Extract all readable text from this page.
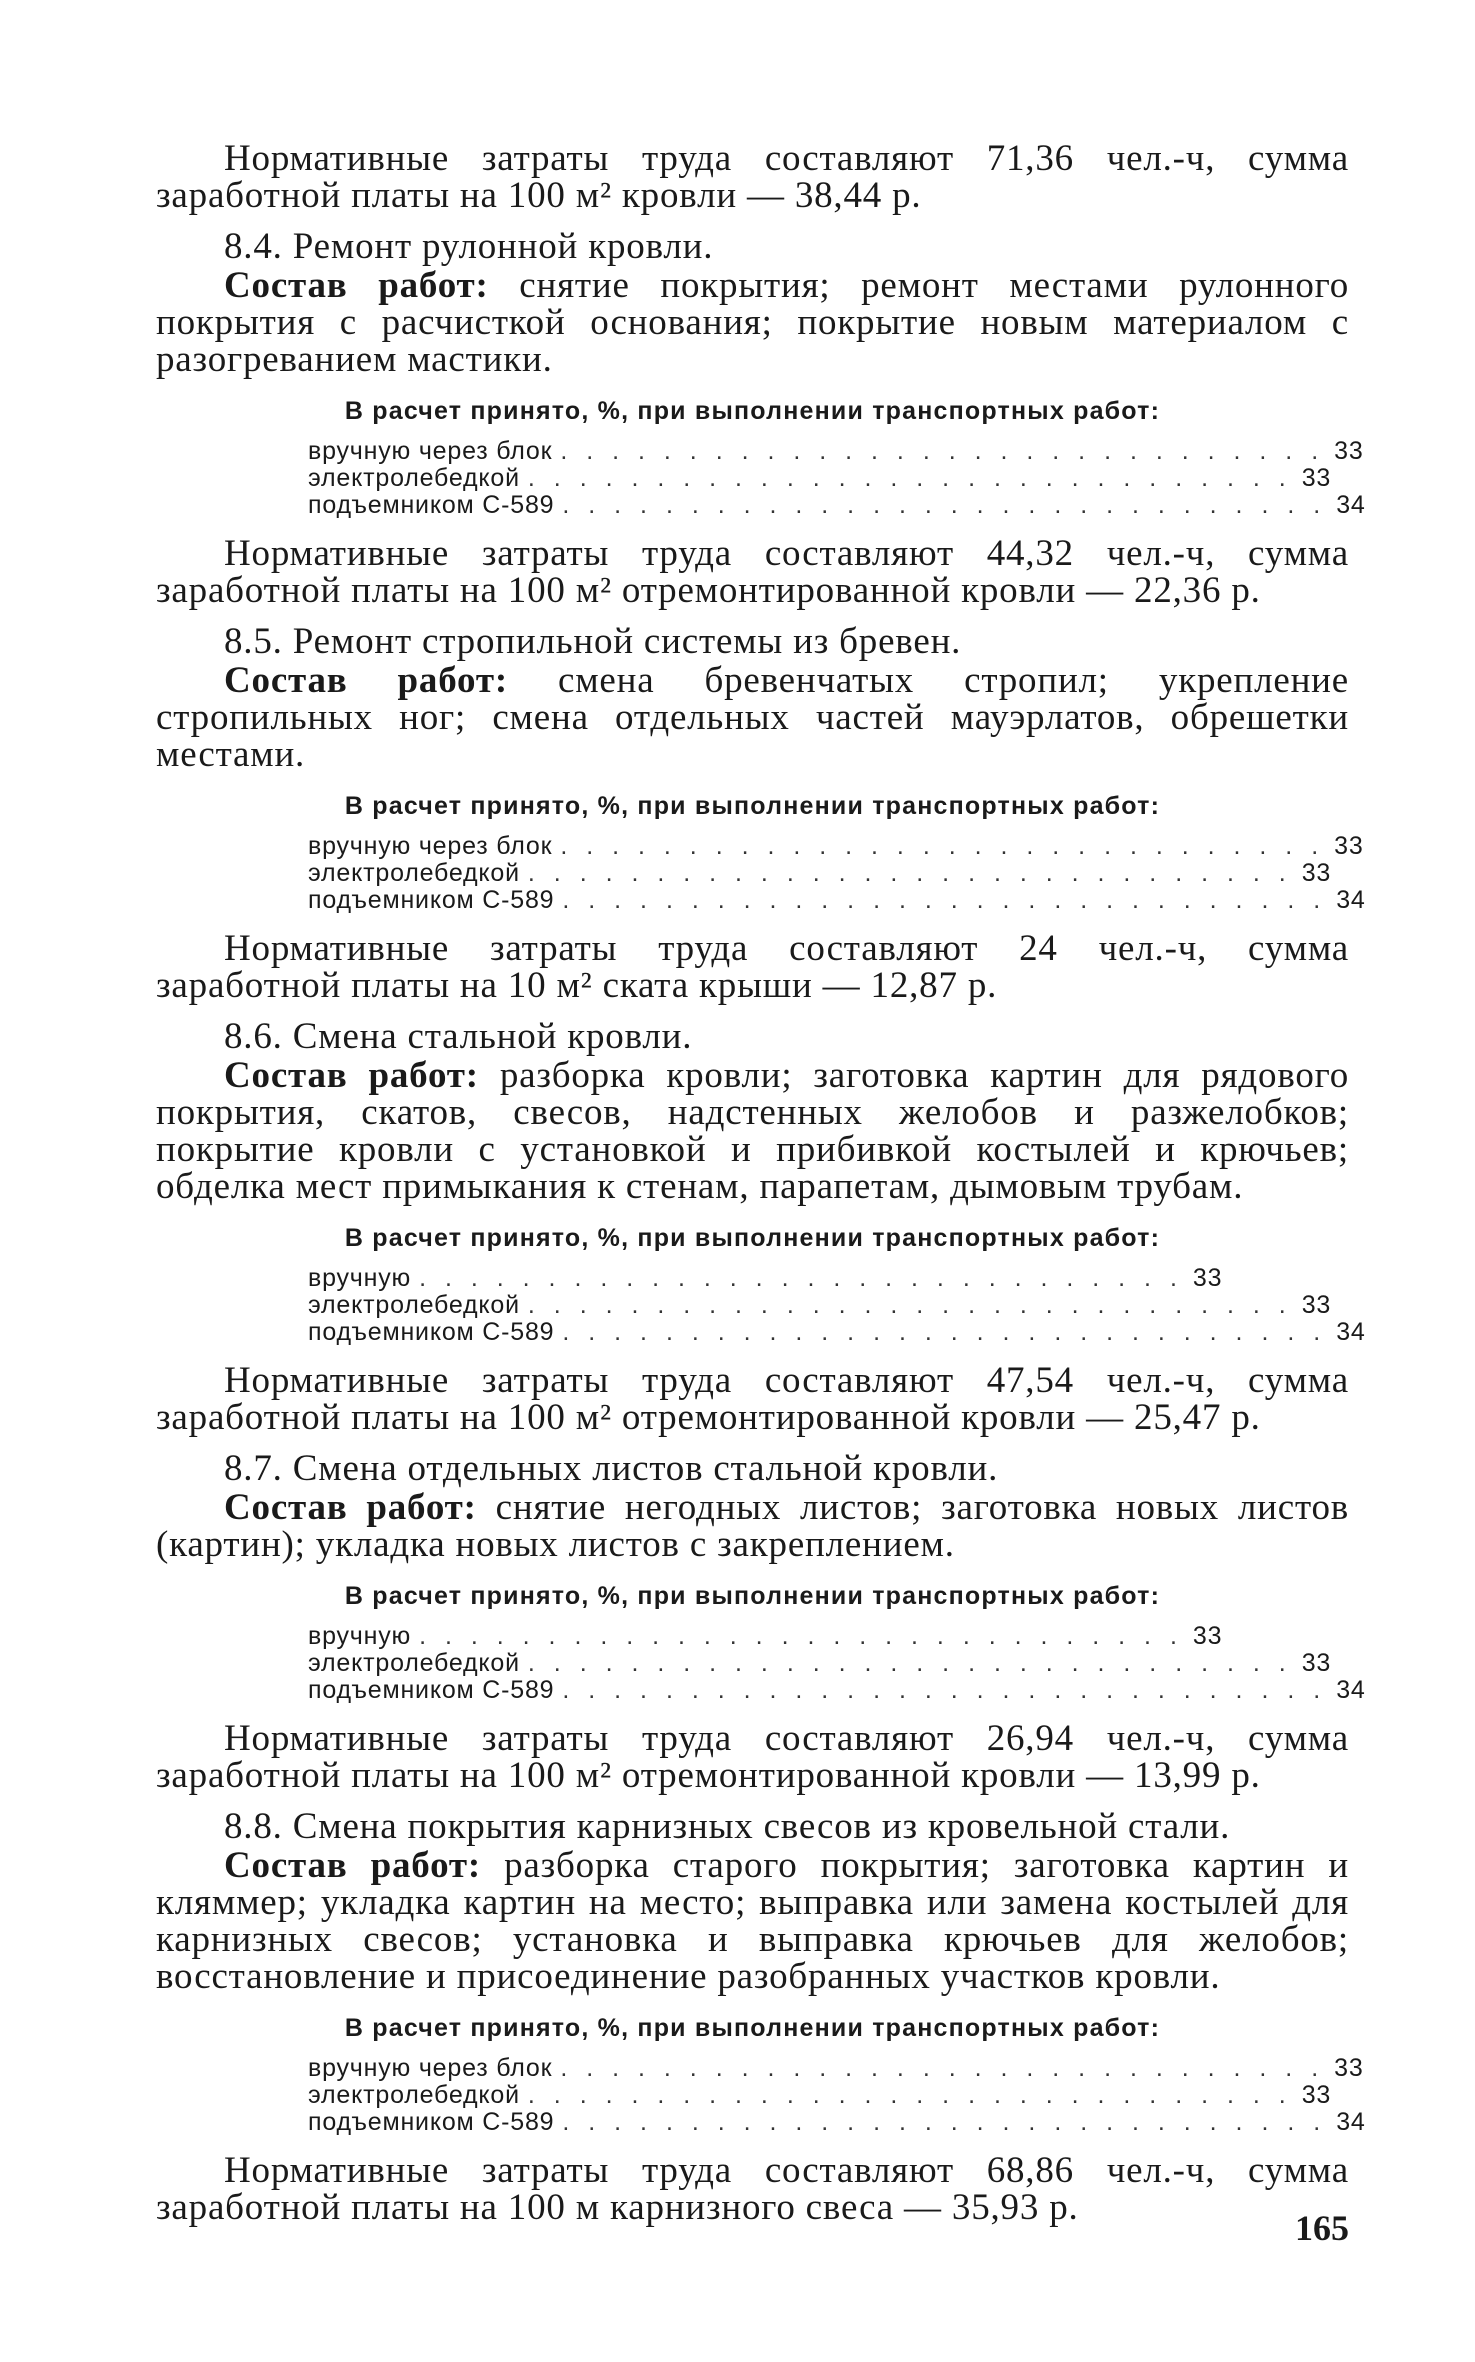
Нормативные затраты труда составляют 71,36 чел.-ч, сумма заработной платы на 100 м² кровли — 38,44 р.

8.4. Ремонт рулонной кровли.

Состав работ: снятие покрытия; ремонт местами рулонного покрытия с расчисткой основания; покрытие новым материалом с разогреванием мастики.

В расчет принято, %, при выполнении транспортных работ:
вручную через блок . . . . . . . . . . . . . . . . . . . . . . . . . . . . . . 33
электролебедкой . . . . . . . . . . . . . . . . . . . . . . . . . . . . . . 33
подъемником С-589 . . . . . . . . . . . . . . . . . . . . . . . . . . . . . . 34

Нормативные затраты труда составляют 44,32 чел.-ч, сумма заработной платы на 100 м² отремонтированной кровли — 22,36 р.

8.5. Ремонт стропильной системы из бревен.

Состав работ: смена бревенчатых стропил; укрепление стропильных ног; смена отдельных частей мауэрлатов, обрешетки местами.

В расчет принято, %, при выполнении транспортных работ:
вручную через блок . . . . . . . . . . . . . . . . . . . . . . . . . . . . . . 33
электролебедкой . . . . . . . . . . . . . . . . . . . . . . . . . . . . . . 33
подъемником С-589 . . . . . . . . . . . . . . . . . . . . . . . . . . . . . . 34

Нормативные затраты труда составляют 24 чел.-ч, сумма заработной платы на 10 м² ската крыши — 12,87 р.

8.6. Смена стальной кровли.

Состав работ: разборка кровли; заготовка картин для рядового покрытия, скатов, свесов, надстенных желобов и разжелобков; покрытие кровли с установкой и прибивкой костылей и крючьев; обделка мест примыкания к стенам, парапетам, дымовым трубам.

В расчет принято, %, при выполнении транспортных работ:
вручную . . . . . . . . . . . . . . . . . . . . . . . . . . . . . . 33
электролебедкой . . . . . . . . . . . . . . . . . . . . . . . . . . . . . . 33
подъемником С-589 . . . . . . . . . . . . . . . . . . . . . . . . . . . . . . 34

Нормативные затраты труда составляют 47,54 чел.-ч, сумма заработной платы на 100 м² отремонтированной кровли — 25,47 р.

8.7. Смена отдельных листов стальной кровли.

Состав работ: снятие негодных листов; заготовка новых листов (картин); укладка новых листов с закреплением.

В расчет принято, %, при выполнении транспортных работ:
вручную . . . . . . . . . . . . . . . . . . . . . . . . . . . . . . 33
электролебедкой . . . . . . . . . . . . . . . . . . . . . . . . . . . . . . 33
подъемником С-589 . . . . . . . . . . . . . . . . . . . . . . . . . . . . . . 34

Нормативные затраты труда составляют 26,94 чел.-ч, сумма заработной платы на 100 м² отремонтированной кровли — 13,99 р.

8.8. Смена покрытия карнизных свесов из кровельной стали.

Состав работ: разборка старого покрытия; заготовка картин и кляммер; укладка картин на место; выправка или замена костылей для карнизных свесов; установка и выправка крючьев для желобов; восстановление и присоединение разобранных участков кровли.

В расчет принято, %, при выполнении транспортных работ:
вручную через блок . . . . . . . . . . . . . . . . . . . . . . . . . . . . . . 33
электролебедкой . . . . . . . . . . . . . . . . . . . . . . . . . . . . . . 33
подъемником С-589 . . . . . . . . . . . . . . . . . . . . . . . . . . . . . . 34

Нормативные затраты труда составляют 68,86 чел.-ч, сумма заработной платы на 100 м карнизного свеса — 35,93 р.	165
